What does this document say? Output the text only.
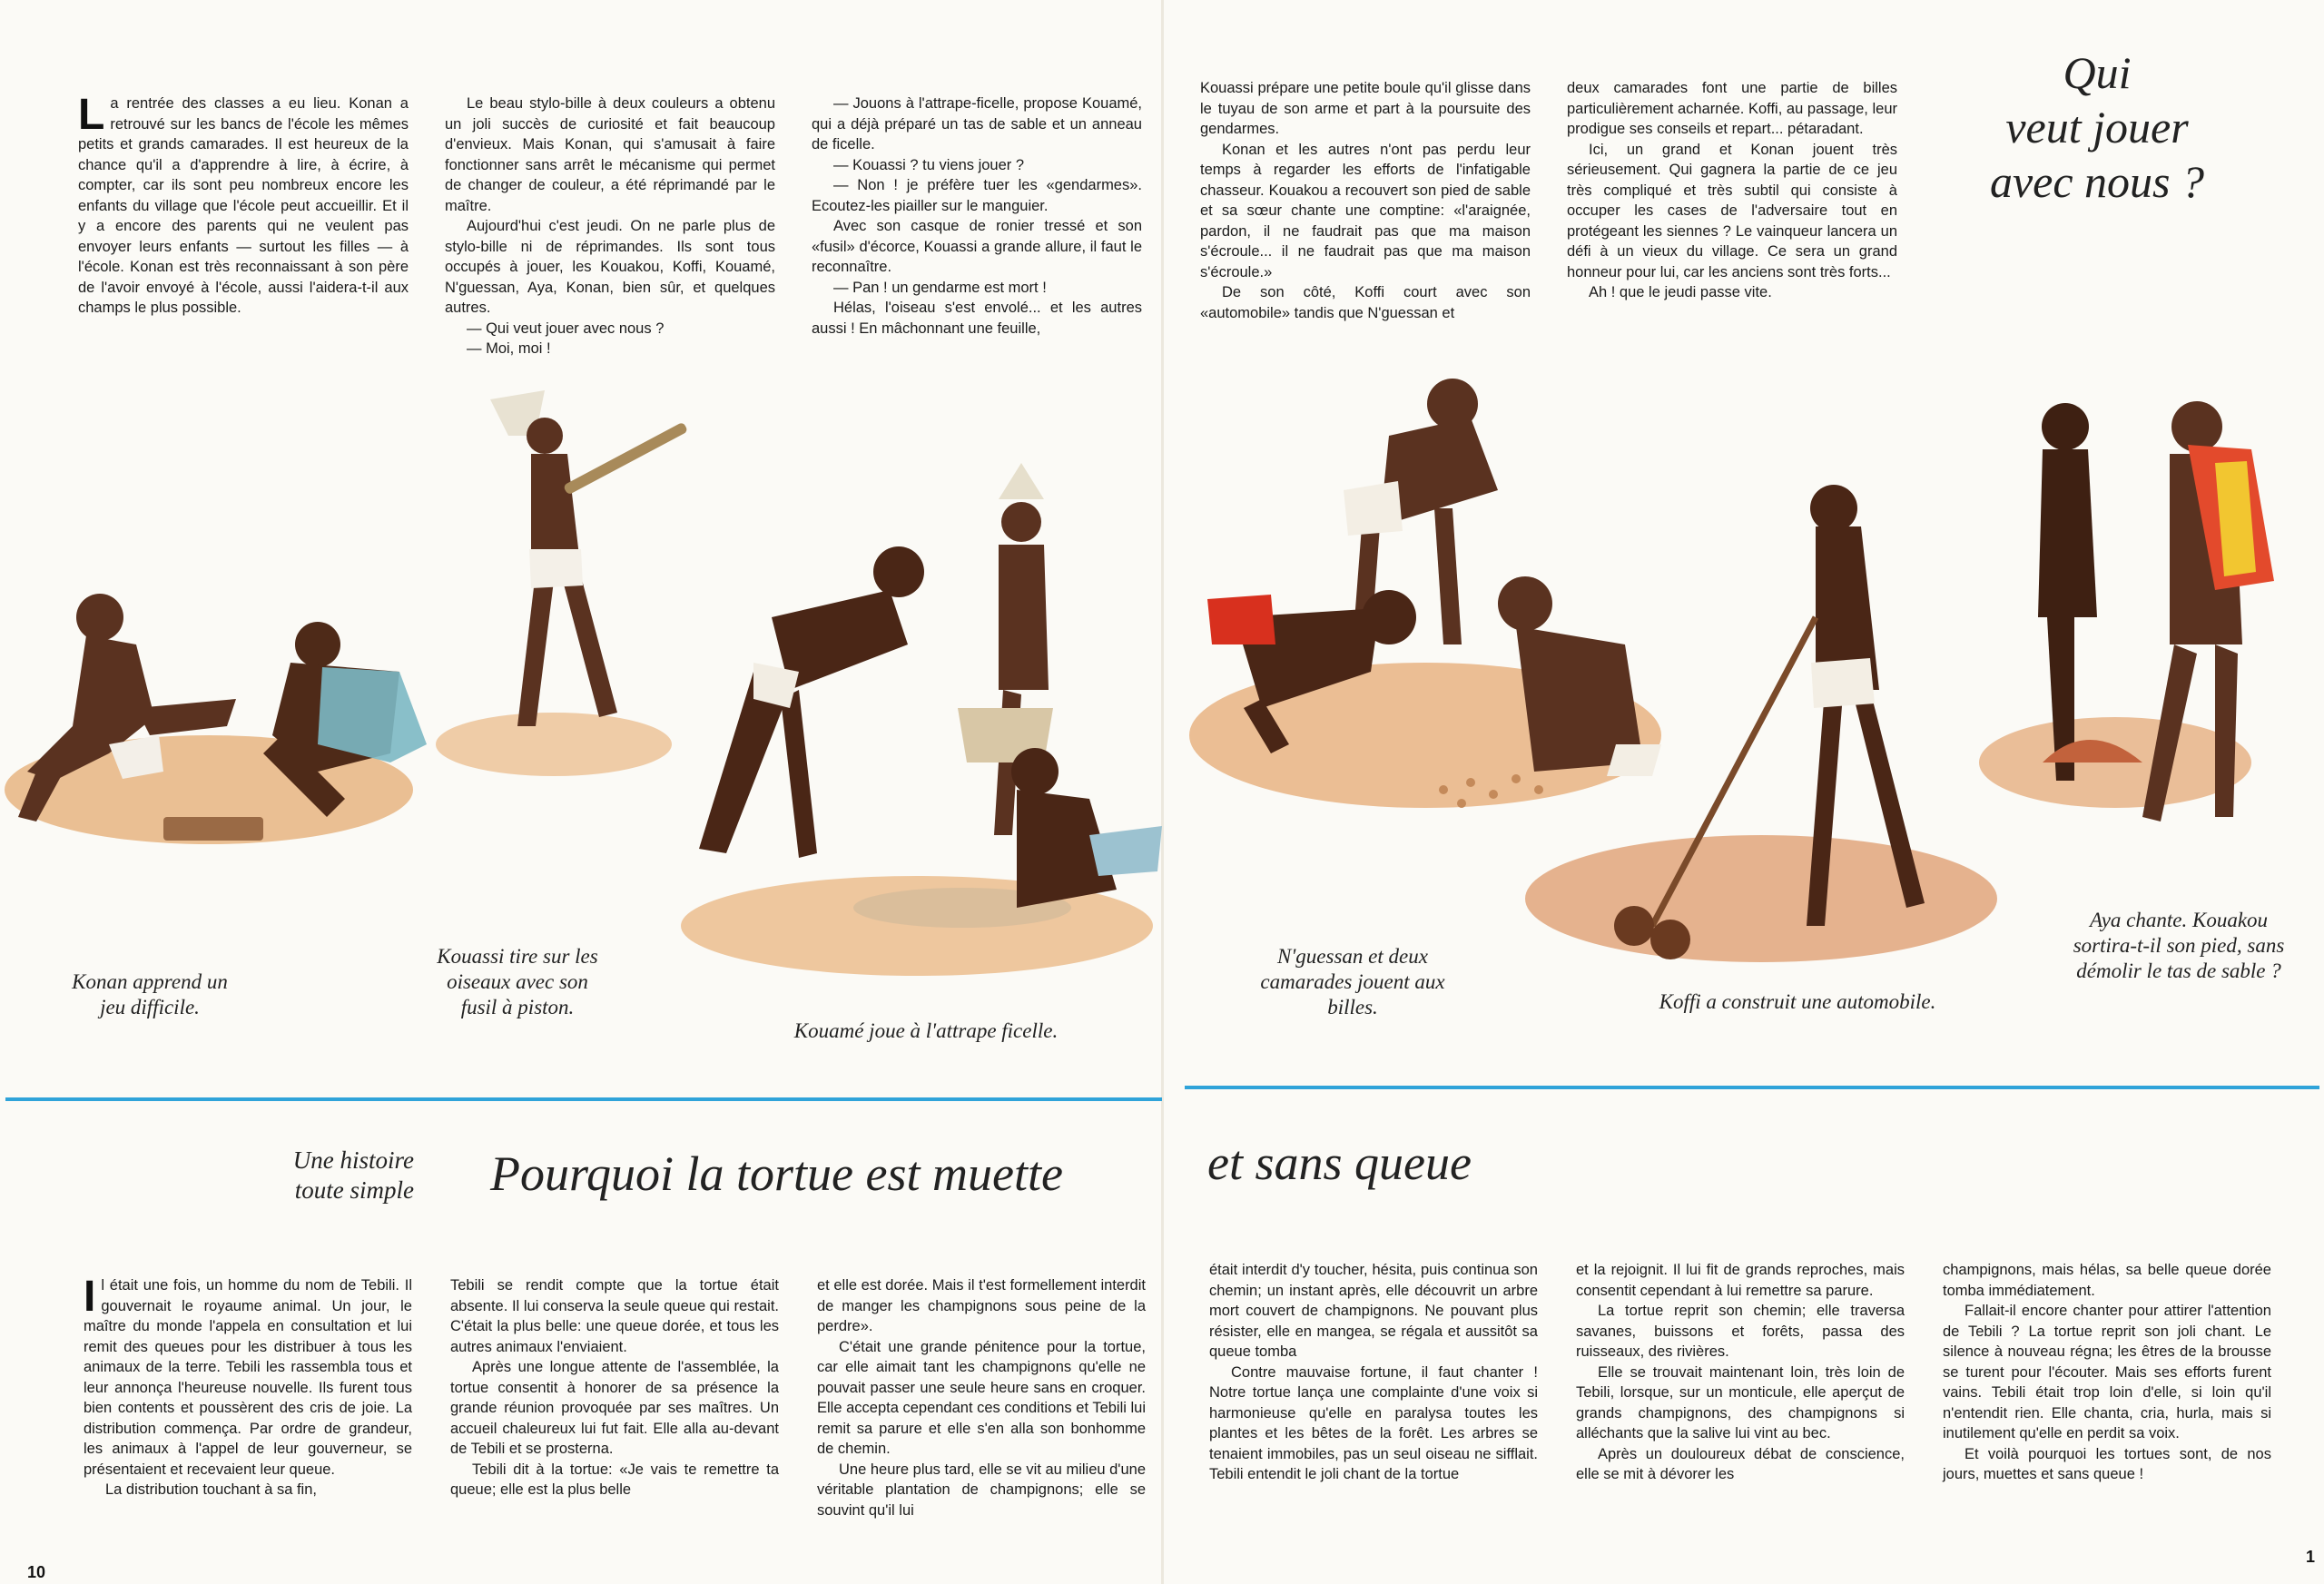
L a rentrée des classes a eu lieu. Konan a retrouvé sur les bancs de l'école les mêmes petits et grands camarades. Il est heureux de la chance qu'il a d'apprendre à lire, à écrire, à compter, car ils sont peu nombreux encore les enfants du village que l'école peut accueillir. Et il y a encore des parents qui ne veulent pas envoyer leurs enfants — surtout les filles — à l'école. Konan est très reconnaissant à son père de l'avoir envoyé à l'école, aussi l'aidera-t-il aux champs le plus possible.

Le beau stylo-bille à deux couleurs a obtenu un joli succès de curiosité et fait beaucoup d'envieux. Mais Konan, qui s'amusait à faire fonctionner sans arrêt le mécanisme qui permet de changer de couleur, a été réprimandé par le maître.

Aujourd'hui c'est jeudi. On ne parle plus de stylo-bille ni de réprimandes. Ils sont tous occupés à jouer, les Kouakou, Koffi, Kouamé, N'guessan, Aya, Konan, bien sûr, et quelques autres.

— Qui veut jouer avec nous ?

— Moi, moi !

— Jouons à l'attrape-ficelle, propose Kouamé, qui a déjà préparé un tas de sable et un anneau de ficelle.

— Kouassi ? tu viens jouer ?

— Non ! je préfère tuer les «gendarmes». Ecoutez-les piailler sur le manguier.

Avec son casque de ronier tressé et son «fusil» d'écorce, Kouassi a grande allure, il faut le reconnaître.

— Pan ! un gendarme est mort !

Hélas, l'oiseau s'est envolé... et les autres aussi ! En mâchonnant une feuille,

Kouassi prépare une petite boule qu'il glisse dans le tuyau de son arme et part à la poursuite des gendarmes.

Konan et les autres n'ont pas perdu leur temps à regarder les efforts de l'infatigable chasseur. Kouakou a recouvert son pied de sable et sa sœur chante une comptine: «l'araignée, pardon, il ne faudrait pas que ma maison s'écroule... il ne faudrait pas que ma maison s'écroule.»

De son côté, Koffi court avec son «automobile» tandis que N'guessan et

deux camarades font une partie de billes particulièrement acharnée. Koffi, au passage, leur prodigue ses conseils et repart... pétaradant.

Ici, un grand et Konan jouent très sérieusement. Qui gagnera la partie de ce jeu très compliqué et très subtil qui consiste à occuper les cases de l'adversaire tout en protégeant les siennes ? Le vainqueur lancera un défi à un vieux du village. Ce sera un grand honneur pour lui, car les anciens sont très forts...

Ah ! que le jeudi passe vite.

Qui
veut jouer
avec nous ?
Konan apprend un jeu difficile.
Kouassi tire sur les oiseaux avec son fusil à piston.
Kouamé joue à l'attrape ficelle.
N'guessan et deux camarades jouent aux billes.	Koffi a construit une automobile.
Aya chante. Kouakou sortira-t-il son pied, sans démolir le tas de sable ?
Une histoire
toute simple Pourquoi la tortue est muette	et sans queue
I l était une fois, un homme du nom de Tebili. Il gouvernait le royaume animal. Un jour, le maître du monde l'appela en consultation et lui remit des queues pour les distribuer à tous les animaux de la terre. Tebili les rassembla tous et leur annonça l'heureuse nouvelle. Ils furent tous bien contents et poussèrent des cris de joie. La distribution commença. Par ordre de grandeur, les animaux à l'appel de leur gouverneur, se présentaient et recevaient leur queue.

La distribution touchant à sa fin,

Tebili se rendit compte que la tortue était absente. Il lui conserva la seule queue qui restait. C'était la plus belle: une queue dorée, et tous les autres animaux l'enviaient.

Après une longue attente de l'assemblée, la tortue consentit à honorer de sa présence la grande réunion provoquée par ses maîtres. Un accueil chaleureux lui fut fait. Elle alla au-devant de Tebili et se prosterna.

Tebili dit à la tortue: «Je vais te remettre ta queue; elle est la plus belle

et elle est dorée. Mais il t'est formellement interdit de manger les champignons sous peine de la perdre».

C'était une grande pénitence pour la tortue, car elle aimait tant les champignons qu'elle ne pouvait passer une seule heure sans en croquer. Elle accepta cependant ces conditions et Tebili lui remit sa parure et elle s'en alla son bonhomme de chemin.

Une heure plus tard, elle se vit au milieu d'une véritable plantation de champignons; elle se souvint qu'il lui

était interdit d'y toucher, hésita, puis continua son chemin; un instant après, elle découvrit un arbre mort couvert de champignons. Ne pouvant plus résister, elle en mangea, se régala et aussitôt sa queue tomba

Contre mauvaise fortune, il faut chanter ! Notre tortue lança une complainte d'une voix si harmonieuse qu'elle en paralysa toutes les plantes et les bêtes de la forêt. Les arbres se tenaient immobiles, pas un seul oiseau ne sifflait. Tebili entendit le joli chant de la tortue

et la rejoignit. Il lui fit de grands reproches, mais consentit cependant à lui remettre sa parure.

La tortue reprit son chemin; elle traversa savanes, buissons et forêts, passa des ruisseaux, des rivières.

Elle se trouvait maintenant loin, très loin de Tebili, lorsque, sur un monticule, elle aperçut de grands champignons, des champignons si alléchants que la salive lui vint au bec.

Après un douloureux débat de conscience, elle se mit à dévorer les

champignons, mais hélas, sa belle queue dorée tomba immédiatement.

Fallait-il encore chanter pour attirer l'attention de Tebili ? La tortue reprit son joli chant. Le silence à nouveau régna; les êtres de la brousse se turent pour l'écouter. Mais ses efforts furent vains. Tebili était trop loin d'elle, si loin qu'il n'entendit rien. Elle chanta, cria, hurla, mais si inutilement qu'elle en perdit sa voix.

Et voilà pourquoi les tortues sont, de nos jours, muettes et sans queue !

10
1
